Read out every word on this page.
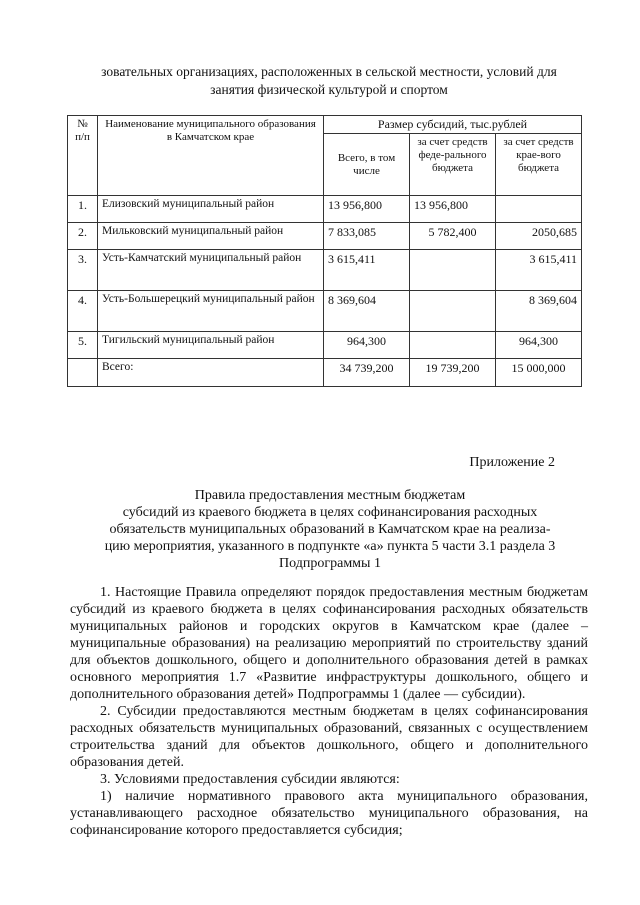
зовательных организациях, расположенных в сельской местности, условий для
занятия физической культурой и спортом
№ п/п	Наименование муниципального образования в Камчатском крае	Размер субсидий, тыс.рублей		
		Всего, в том числе	за счет средств феде-рального бюджета	за счет средств крае-вого бюджета
1.	Елизовский муниципальный район	13 956,800	13 956,800	
2.	Мильковский муниципальный район	7 833,085	5 782,400	2050,685
3.	Усть-Камчатский муниципальный район	3 615,411		3 615,411
4.	Усть-Большерецкий муниципальный район	8 369,604		8 369,604
5.	Тигильский муниципальный район	964,300		964,300
	Всего:	34 739,200	19 739,200	15 000,000
Приложение 2
Правила предоставления местным бюджетам
субсидий из краевого бюджета в целях софинансирования расходных
обязательств муниципальных образований в Камчатском крае на реализа-
цию мероприятия, указанного в подпункте «а» пункта 5 части 3.1 раздела 3
Подпрограммы 1

1. Настоящие Правила определяют порядок предоставления местным бюджетам субсидий из краевого бюджета в целях софинансирования расходных обязательств муниципальных районов и городских округов в Камчатском крае (далее – муниципальные образования) на реализацию мероприятий по строительству зданий для объектов дошкольного, общего и дополнительного образования детей в рамках основного мероприятия 1.7 «Развитие инфраструктуры дошкольного, общего и дополнительного образования детей» Подпрограммы 1 (далее — субсидии).

2. Субсидии предоставляются местным бюджетам в целях софинансирования расходных обязательств муниципальных образований, связанных с осуществлением строительства зданий для объектов дошкольного, общего и дополнительного образования детей.

3. Условиями предоставления субсидии являются:

1) наличие нормативного правового акта муниципального образования, устанавливающего расходное обязательство муниципального образования, на софинансирование которого предоставляется субсидия;
